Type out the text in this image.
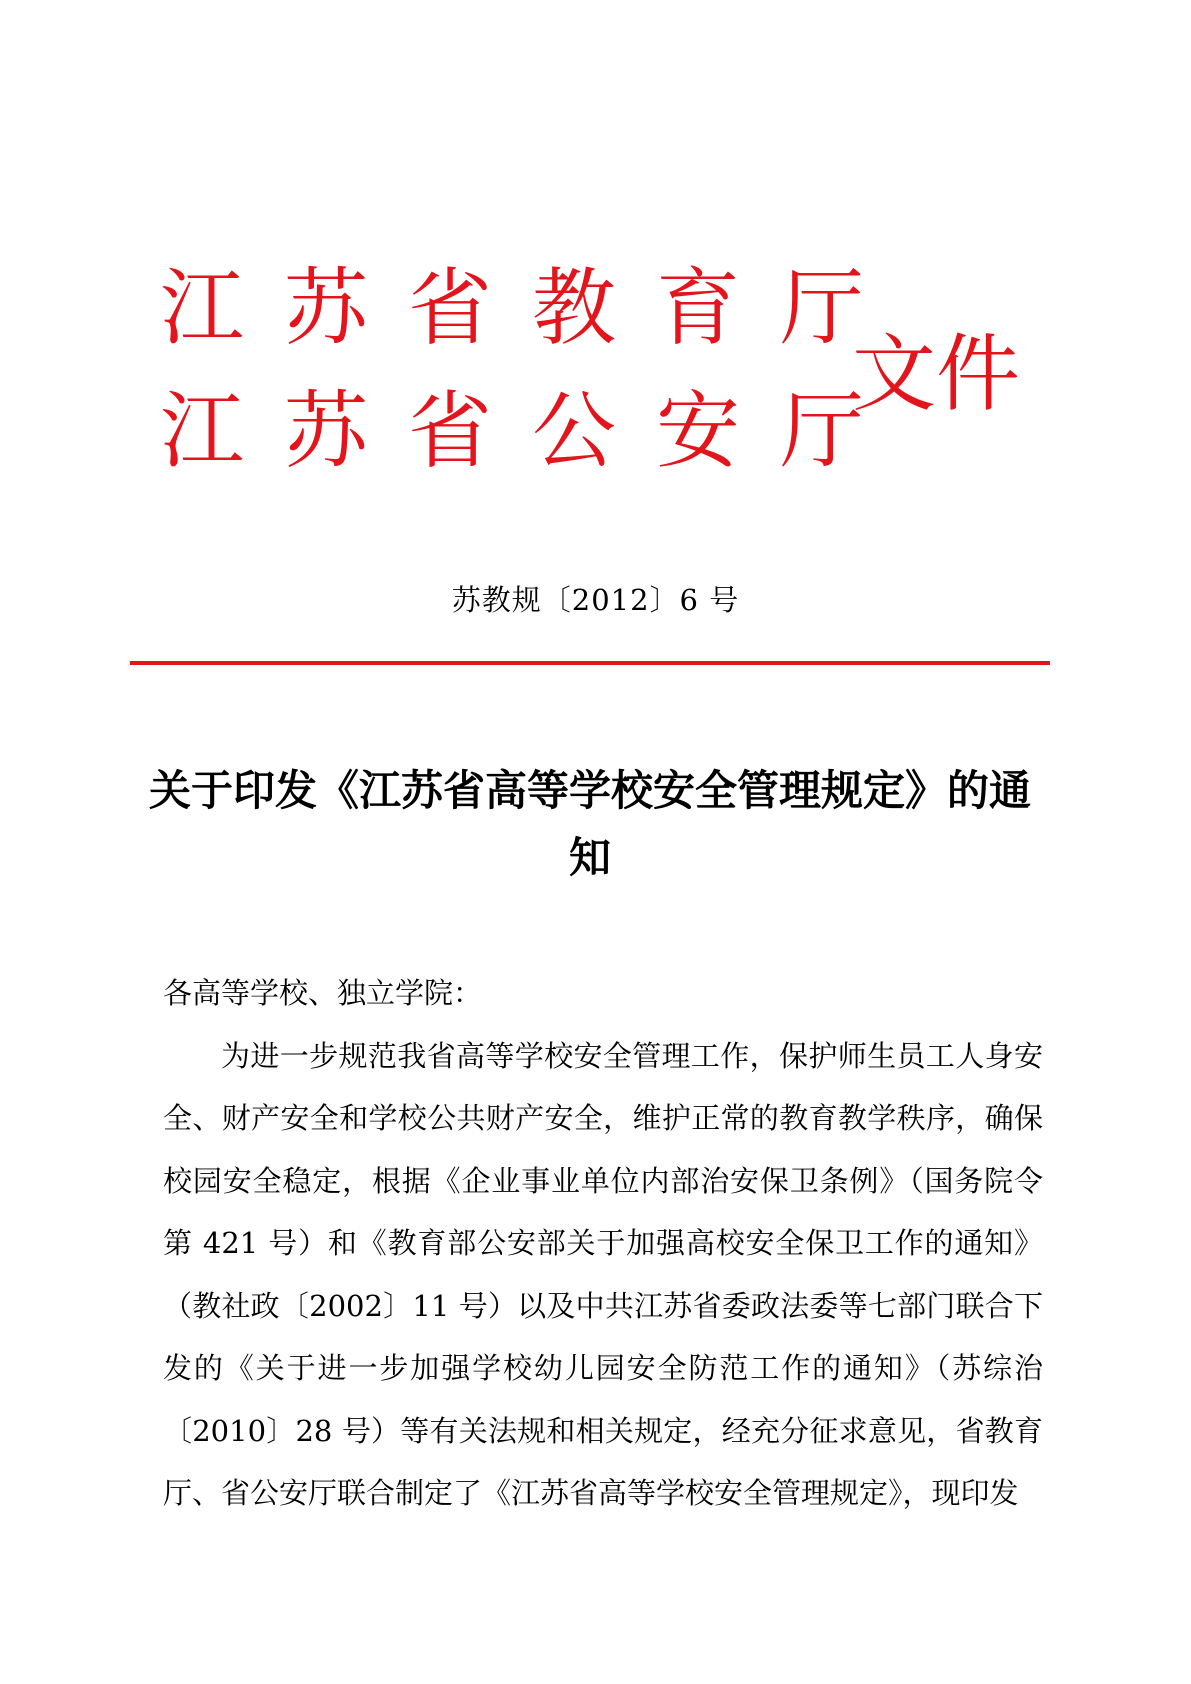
江苏省教育厅
江苏省公安厅
文件
苏教规〔2012〕6 号
关于印发《江苏省高等学校安全管理规定》的通知

各高等学校、独立学院：

为进一步规范我省高等学校安全管理工作，保护师生员工人身安全、财产安全和学校公共财产安全，维护正常的教育教学秩序，确保校园安全稳定，根据《企业事业单位内部治安保卫条例》（国务院令第 421 号）和《教育部公安部关于加强高校安全保卫工作的通知》（教社政〔2002〕11 号）以及中共江苏省委政法委等七部门联合下发的《关于进一步加强学校幼儿园安全防范工作的通知》（苏综治〔2010〕28 号）等有关法规和相关规定，经充分征求意见，省教育厅、省公安厅联合制定了《江苏省高等学校安全管理规定》，现印发
